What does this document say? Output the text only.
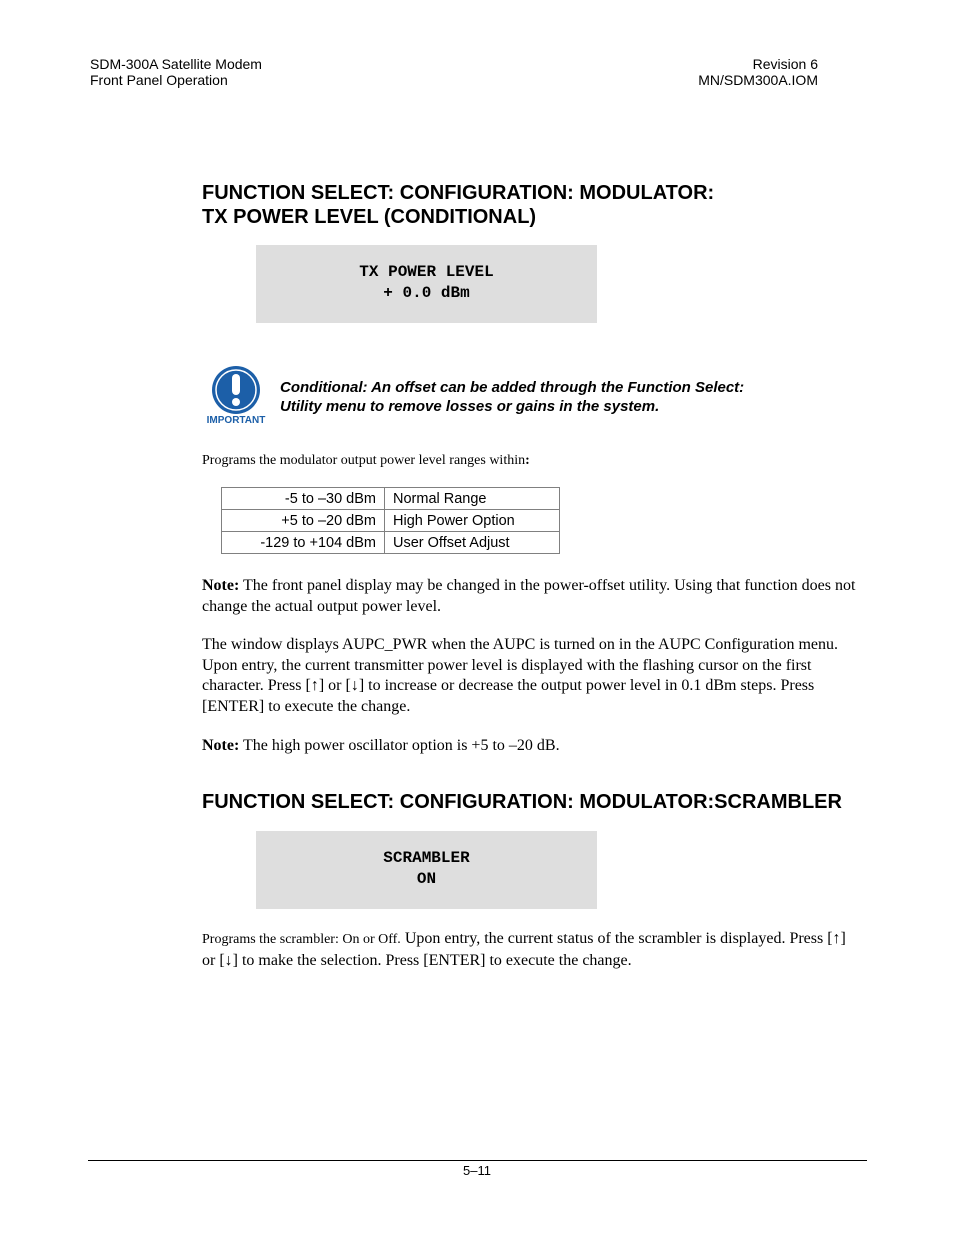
SDM-300A Satellite Modem
Front Panel Operation
Revision 6
MN/SDM300A.IOM
FUNCTION SELECT: CONFIGURATION: MODULATOR:
TX POWER LEVEL (CONDITIONAL)
TX POWER LEVEL
+ 0.0 dBm
IMPORTANT
Conditional: An offset can be added through the Function Select:
Utility menu to remove losses or gains in the system.
Programs the modulator output power level ranges within:
-5 to –30 dBm	Normal Range
+5 to –20 dBm	High Power Option
-129 to +104 dBm	User Offset Adjust
Note: The front panel display may be changed in the power-offset utility. Using that function does not change the actual output power level.
The window displays AUPC_PWR when the AUPC is turned on in the AUPC Configuration menu. Upon entry, the current transmitter power level is displayed with the flashing cursor on the first character. Press [↑] or [↓] to increase or decrease the output power level in 0.1 dBm steps. Press [ENTER] to execute the change.
Note: The high power oscillator option is +5 to –20 dB.
FUNCTION SELECT: CONFIGURATION: MODULATOR:SCRAMBLER
SCRAMBLER
ON
Programs the scrambler: On or Off. Upon entry, the current status of the scrambler is displayed. Press [↑] or [↓] to make the selection. Press [ENTER] to execute the change.
5–11
